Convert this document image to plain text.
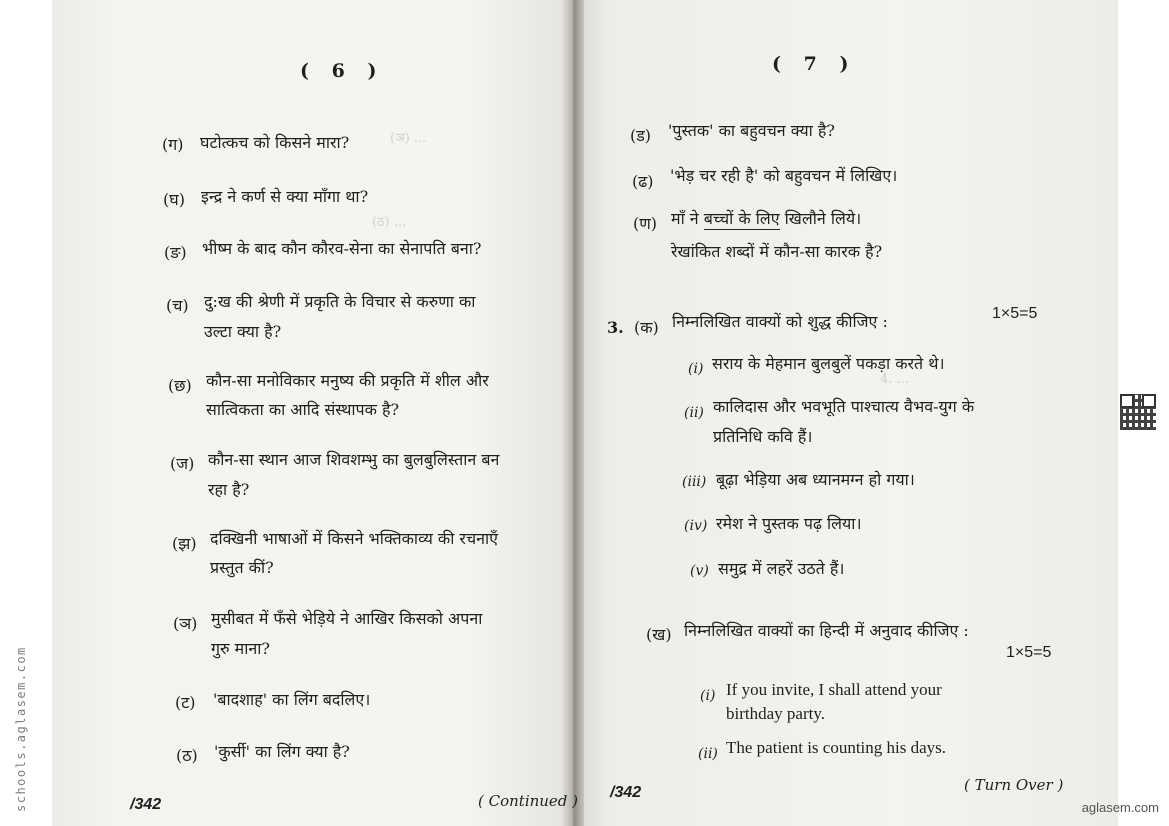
(ञ) ...
(ठ) ...
4. ...
( 6 )
(ग) घटोत्कच को किसने मारा?
(घ) इन्द्र ने कर्ण से क्या माँगा था?
(ङ) भीष्म के बाद कौन कौरव-सेना का सेनापति बना?
(च) दु:ख की श्रेणी में प्रकृति के विचार से करुणा का
उल्टा क्या है?
(छ) कौन-सा मनोविकार मनुष्य की प्रकृति में शील और
सात्विकता का आदि संस्थापक है?
(ज) कौन-सा स्थान आज शिवशम्भु का बुलबुलिस्तान बन
रहा है?
(झ) दक्खिनी भाषाओं में किसने भक्तिकाव्य की रचनाएँ
प्रस्तुत कीं?
(ञ) मुसीबत में फँसे भेड़िये ने आखिर किसको अपना
गुरु माना?
(ट) 'बादशाह' का लिंग बदलिए।
(ठ) 'कुर्सी' का लिंग क्या है?
/342	( Continued )
( 7 )
(ड) 'पुस्तक' का बहुवचन क्या है?
(ढ) 'भेड़ चर रही है' को बहुवचन में लिखिए।
(ण) माँ ने बच्चों के लिए खिलौने लिये।
रेखांकित शब्दों में कौन-सा कारक है?
3. (क) निम्नलिखित वाक्यों को शुद्ध कीजिए :	1×5=5
(i) सराय के मेहमान बुलबुलें पकड़ा करते थे।
(ii) कालिदास और भवभूति पाश्चात्य वैभव-युग के
प्रतिनिधि कवि हैं।
(iii) बूढ़ा भेड़िया अब ध्यानमग्न हो गया।
(iv) रमेश ने पुस्तक पढ़ लिया।
(v) समुद्र में लहरें उठते हैं।
(ख) निम्नलिखित वाक्यों का हिन्दी में अनुवाद कीजिए :
1×5=5
(i) If you invite, I shall attend your
birthday party.
(ii) The patient is counting his days.
/342	( Turn Over )
schools.aglasem.com	aglasem.com
